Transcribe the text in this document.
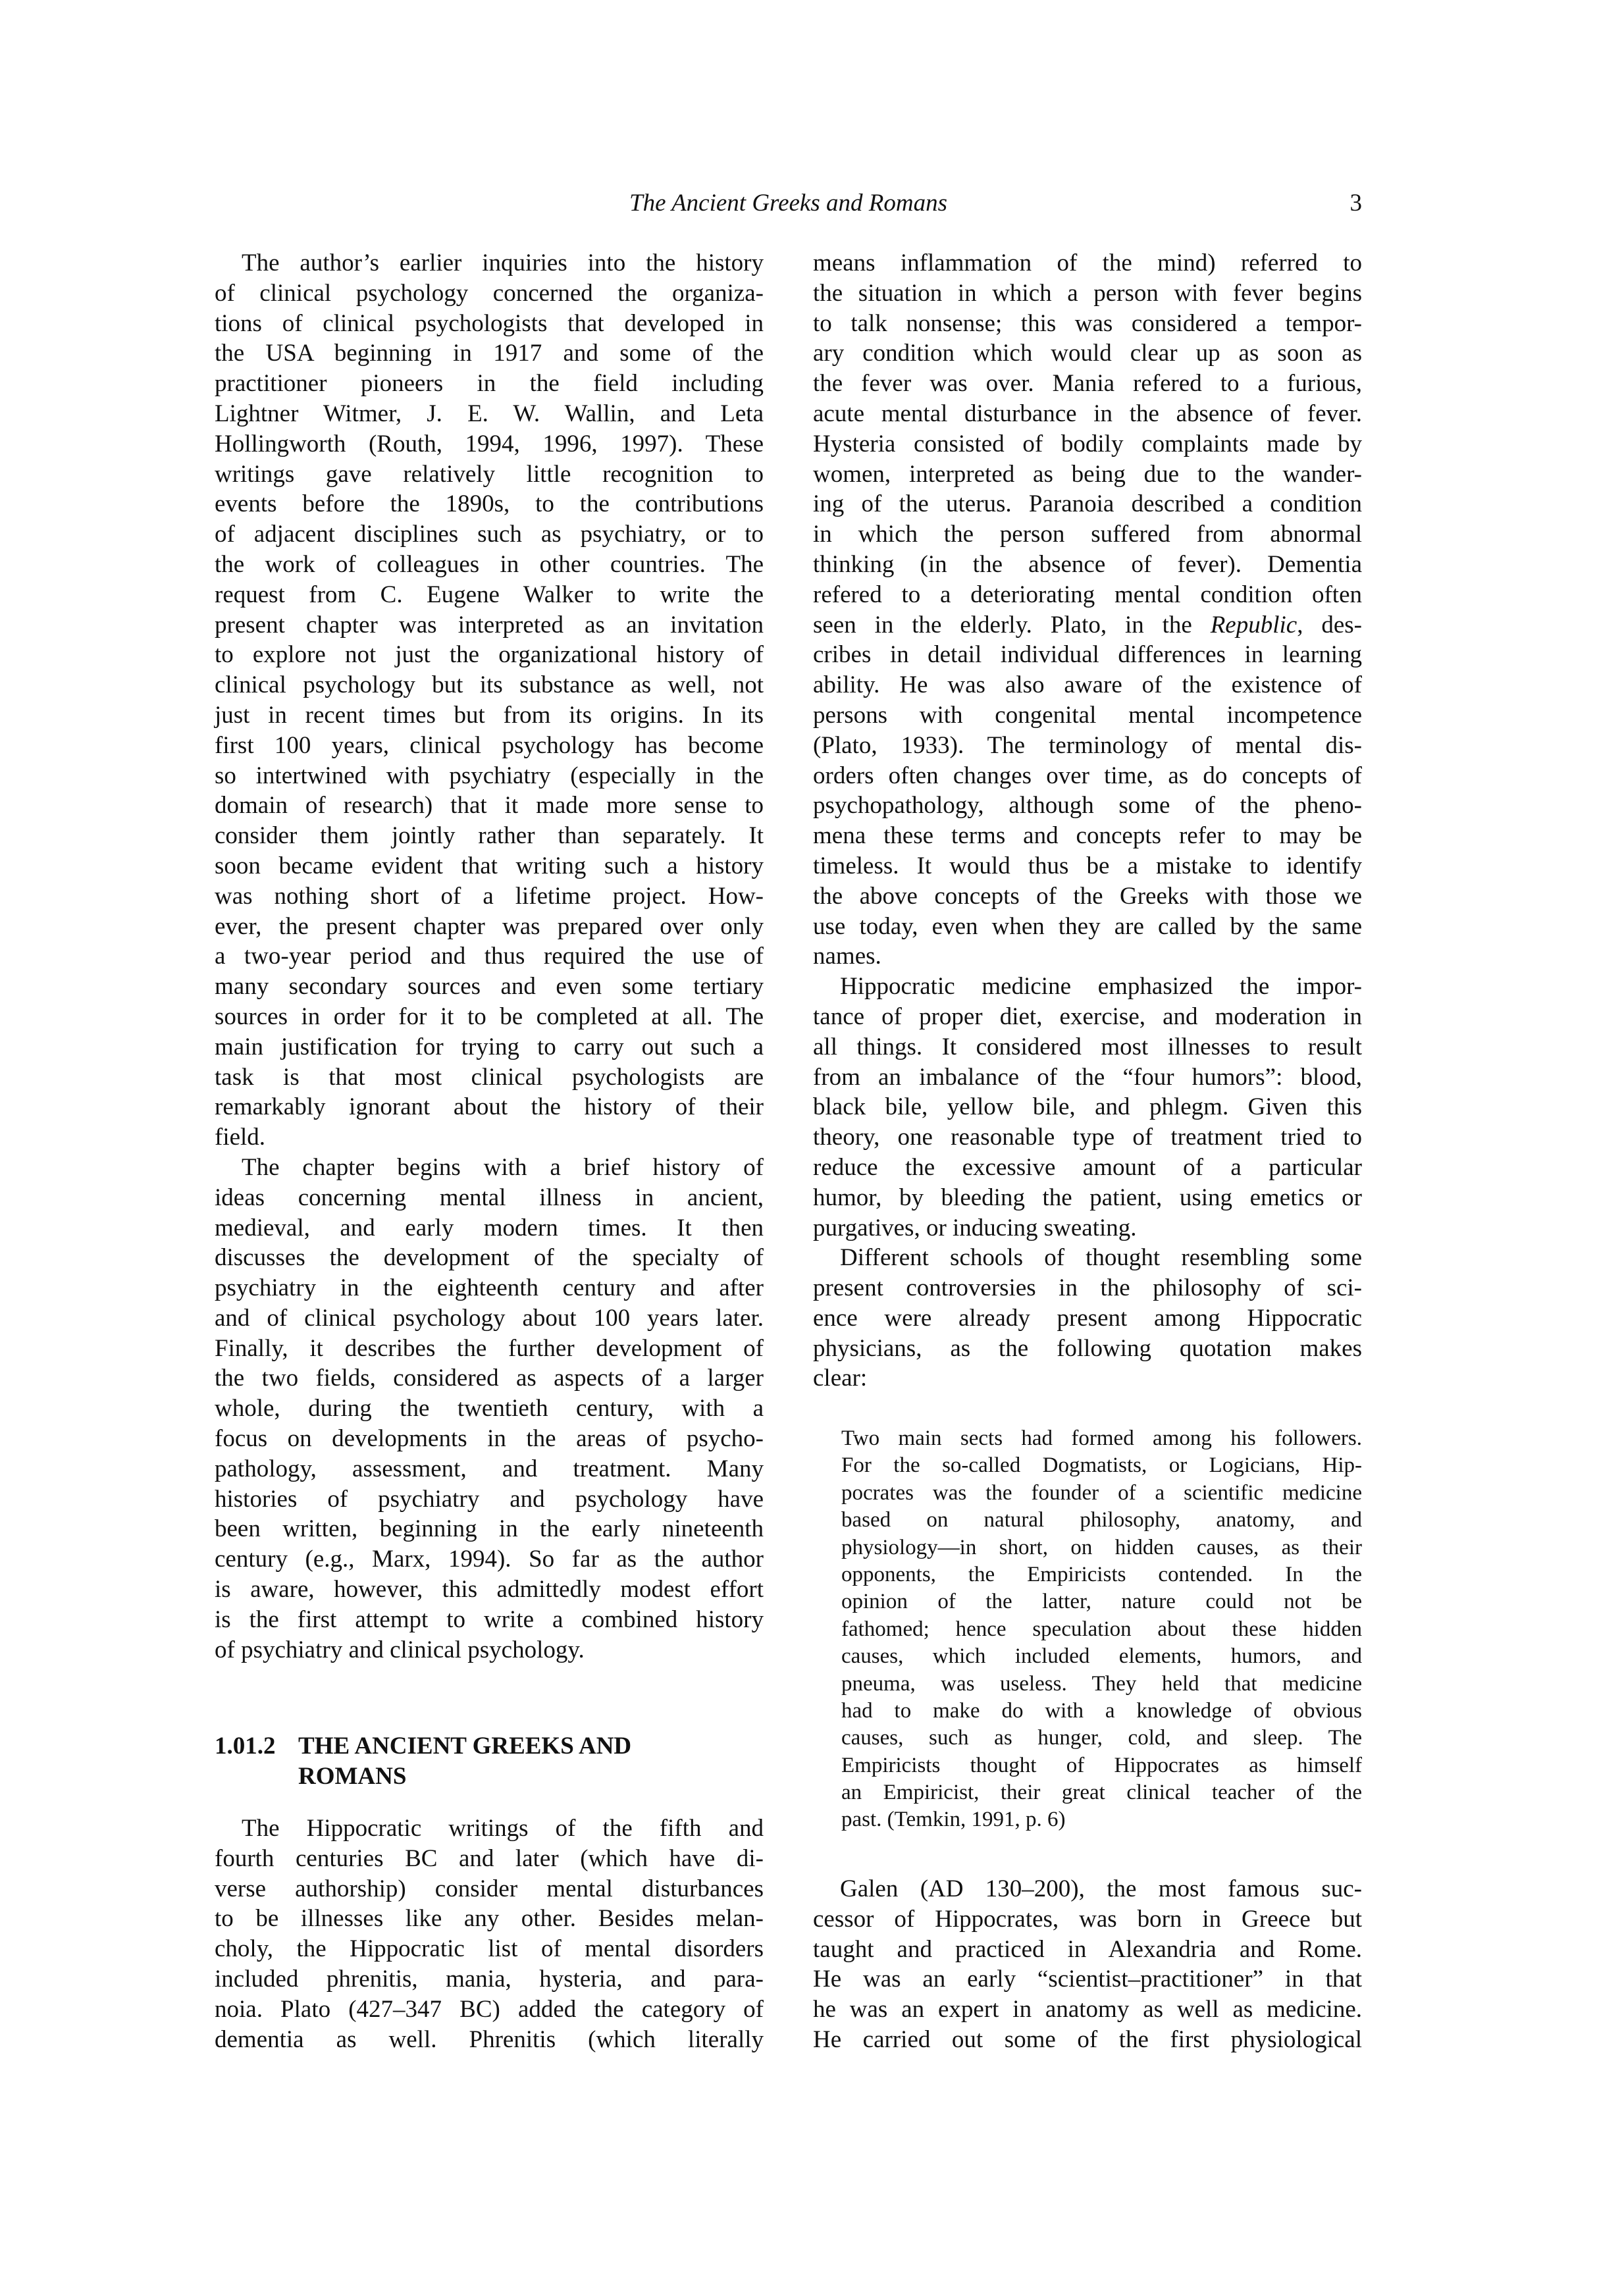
The Ancient Greeks and Romans	3
The author’s earlier inquiries into the history
of clinical psychology concerned the organiza-
tions of clinical psychologists that developed in
the USA beginning in 1917 and some of the
practitioner pioneers in the field including
Lightner Witmer, J. E. W. Wallin, and Leta
Hollingworth (Routh, 1994, 1996, 1997). These
writings gave relatively little recognition to
events before the 1890s, to the contributions
of adjacent disciplines such as psychiatry, or to
the work of colleagues in other countries. The
request from C. Eugene Walker to write the
present chapter was interpreted as an invitation
to explore not just the organizational history of
clinical psychology but its substance as well, not
just in recent times but from its origins. In its
first 100 years, clinical psychology has become
so intertwined with psychiatry (especially in the
domain of research) that it made more sense to
consider them jointly rather than separately. It
soon became evident that writing such a history
was nothing short of a lifetime project. How-
ever, the present chapter was prepared over only
a two-year period and thus required the use of
many secondary sources and even some tertiary
sources in order for it to be completed at all. The
main justification for trying to carry out such a
task is that most clinical psychologists are
remarkably ignorant about the history of their
field.
The chapter begins with a brief history of
ideas concerning mental illness in ancient,
medieval, and early modern times. It then
discusses the development of the specialty of
psychiatry in the eighteenth century and after
and of clinical psychology about 100 years later.
Finally, it describes the further development of
the two fields, considered as aspects of a larger
whole, during the twentieth century, with a
focus on developments in the areas of psycho-
pathology, assessment, and treatment. Many
histories of psychiatry and psychology have
been written, beginning in the early nineteenth
century (e.g., Marx, 1994). So far as the author
is aware, however, this admittedly modest effort
is the first attempt to write a combined history
of psychiatry and clinical psychology.
1.01.2 THE ANCIENT GREEKS AND
ROMANS
The Hippocratic writings of the fifth and
fourth centuries BC and later (which have di-
verse authorship) consider mental disturbances
to be illnesses like any other. Besides melan-
choly, the Hippocratic list of mental disorders
included phrenitis, mania, hysteria, and para-
noia. Plato (427–347 BC) added the category of
dementia as well. Phrenitis (which literally
means inflammation of the mind) referred to
the situation in which a person with fever begins
to talk nonsense; this was considered a tempor-
ary condition which would clear up as soon as
the fever was over. Mania refered to a furious,
acute mental disturbance in the absence of fever.
Hysteria consisted of bodily complaints made by
women, interpreted as being due to the wander-
ing of the uterus. Paranoia described a condition
in which the person suffered from abnormal
thinking (in the absence of fever). Dementia
refered to a deteriorating mental condition often
seen in the elderly. Plato, in the Republic, des-
cribes in detail individual differences in learning
ability. He was also aware of the existence of
persons with congenital mental incompetence
(Plato, 1933). The terminology of mental dis-
orders often changes over time, as do concepts of
psychopathology, although some of the pheno-
mena these terms and concepts refer to may be
timeless. It would thus be a mistake to identify
the above concepts of the Greeks with those we
use today, even when they are called by the same
names.
Hippocratic medicine emphasized the impor-
tance of proper diet, exercise, and moderation in
all things. It considered most illnesses to result
from an imbalance of the “four humors”: blood,
black bile, yellow bile, and phlegm. Given this
theory, one reasonable type of treatment tried to
reduce the excessive amount of a particular
humor, by bleeding the patient, using emetics or
purgatives, or inducing sweating.
Different schools of thought resembling some
present controversies in the philosophy of sci-
ence were already present among Hippocratic
physicians, as the following quotation makes
clear:
Two main sects had formed among his followers.
For the so-called Dogmatists, or Logicians, Hip-
pocrates was the founder of a scientific medicine
based on natural philosophy, anatomy, and
physiology—in short, on hidden causes, as their
opponents, the Empiricists contended. In the
opinion of the latter, nature could not be
fathomed; hence speculation about these hidden
causes, which included elements, humors, and
pneuma, was useless. They held that medicine
had to make do with a knowledge of obvious
causes, such as hunger, cold, and sleep. The
Empiricists thought of Hippocrates as himself
an Empiricist, their great clinical teacher of the
past. (Temkin, 1991, p. 6)
Galen (AD 130–200), the most famous suc-
cessor of Hippocrates, was born in Greece but
taught and practiced in Alexandria and Rome.
He was an early “scientist–practitioner” in that
he was an expert in anatomy as well as medicine.
He carried out some of the first physiological
